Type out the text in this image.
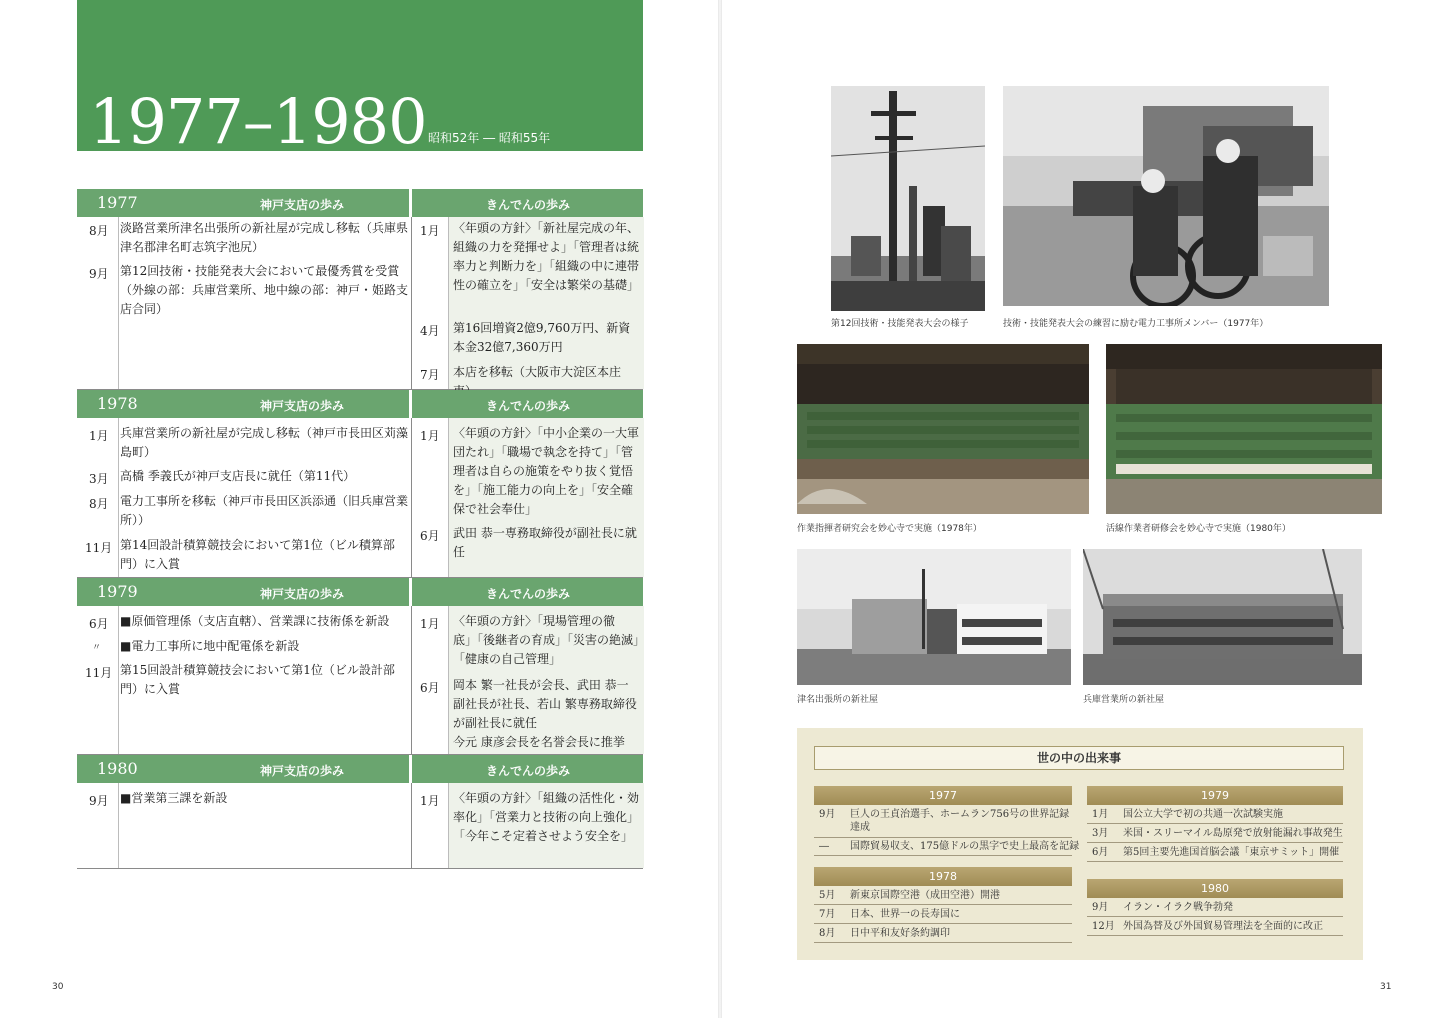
1977–1980 昭和52年 ― 昭和55年
1977	神戸支店の歩み	きんでんの歩み
8月 淡路営業所津名出張所の新社屋が完成し移転（兵庫県津名郡津名町志筑字池尻）
9月 第12回技術・技能発表大会において最優秀賞を受賞（外線の部：兵庫営業所、地中線の部：神戸・姫路支店合同）
1月 〈年頭の方針〉「新社屋完成の年、組織の力を発揮せよ」「管理者は統率力と判断力を」「組織の中に連帯性の確立を」「安全は繁栄の基礎」
4月 第16回増資2億9,760万円、新資本金32億7,360万円
7月 本店を移転（大阪市大淀区本庄
1978	神戸支店の歩み	きんでんの歩み
1月 兵庫営業所の新社屋が完成し移転（神戸市長田区苅藻島町）
3月 高橋 季義氏が神戸支店長に就任（第11代）
8月 電力工事所を移転（神戸市長田区浜添通（旧兵庫営業所））
11月 第14回設計積算競技会において第1位（ビル積算部門）に入賞
1月 〈年頭の方針〉「中小企業の一大軍団たれ」「職場で執念を持て」「管理者は自らの施策をやり抜く覚悟を」「施工能力の向上を」「安全確保で社会奉仕」
6月 武田 恭一専務取締役が副社長に就任
1979	神戸支店の歩み	きんでんの歩み
6月 ■原価管理係（支店直轄）、営業課に技術係を新設
〃 ■電力工事所に地中配電係を新設
11月 第15回設計積算競技会において第1位（ビル設計部門）に入賞
1月 〈年頭の方針〉「現場管理の徹底」「後継者の育成」「災害の絶滅」「健康の自己管理」
6月 岡本 繁一社長が会長、武田 恭一副社長が社長、若山 繁専務取締役が副社長に就任
今元 康彦会長を名誉会長に推挙
1980	神戸支店の歩み	きんでんの歩み
9月 ■営業第三課を新設	1月 〈年頭の方針〉「組織の活性化・効率化」「営業力と技術の向上強化」「今年こそ定着させよう安全を」
30
第12回技術・技能発表大会の様子	技術・技能発表大会の練習に励む電力工事所メンバー（1977年）
作業指揮者研究会を妙心寺で実施（1978年）	活線作業者研修会を妙心寺で実施（1980年）
津名出張所の新社屋	兵庫営業所の新社屋
世の中の出来事
1977
9月 巨人の王貞治選手、ホームラン756号の世界記録達成
― 国際貿易収支、175億ドルの黒字で史上最高を記録
1978
5月 新東京国際空港（成田空港）開港
7月 日本、世界一の長寿国に
8月 日中平和友好条約調印
1979
1月 国公立大学で初の共通一次試験実施
3月 米国・スリーマイル島原発で放射能漏れ事故発生
6月 第5回主要先進国首脳会議「東京サミット」開催
1980
9月 イラン・イラク戦争勃発
12月 外国為替及び外国貿易管理法を全面的に改正
31
